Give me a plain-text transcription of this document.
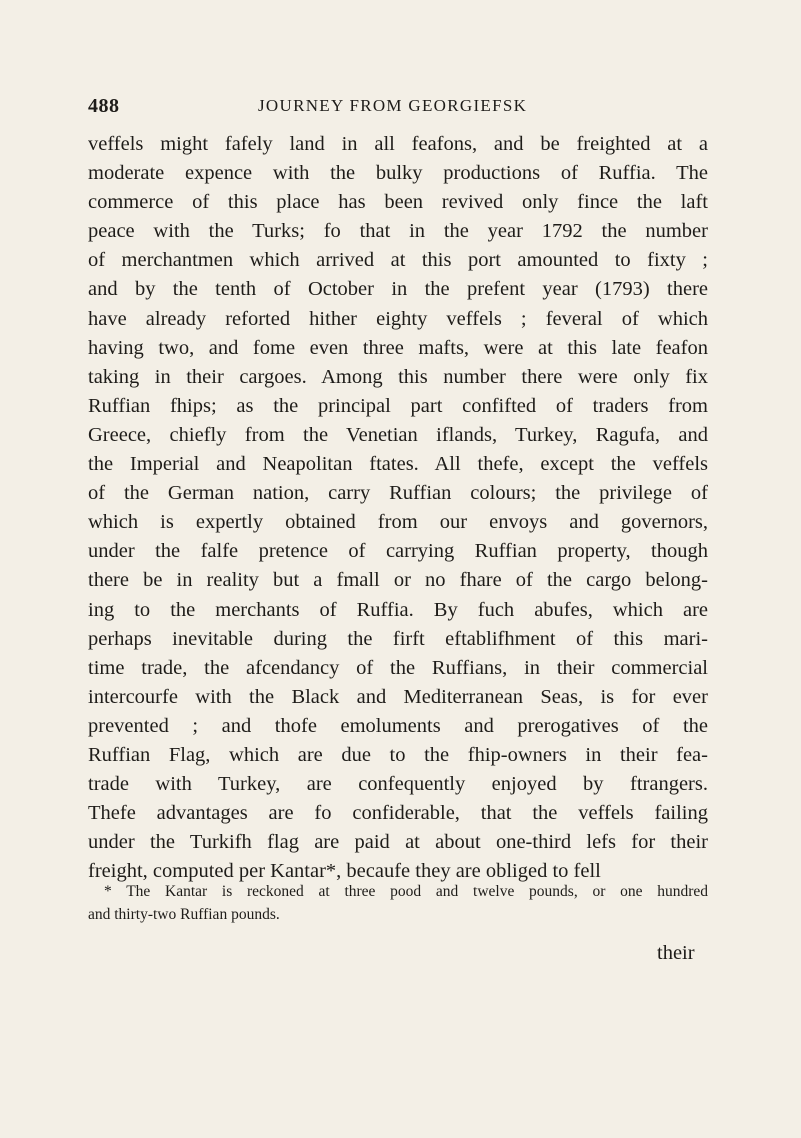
488	JOURNEY FROM GEORGIEFSK
veffels might fafely land in all feafons, and be freighted at a
moderate expence with the bulky productions of Ruffia. The
commerce of this place has been revived only fince the laft
peace with the Turks; fo that in the year 1792 the number
of merchantmen which arrived at this port amounted to fixty ;
and by the tenth of October in the prefent year (1793) there
have already reforted hither eighty veffels ; feveral of which
having two, and fome even three mafts, were at this late feafon
taking in their cargoes. Among this number there were only fix
Ruffian fhips; as the principal part confifted of traders from
Greece, chiefly from the Venetian iflands, Turkey, Ragufa, and
the Imperial and Neapolitan ftates. All thefe, except the veffels
of the German nation, carry Ruffian colours; the privilege of
which is expertly obtained from our envoys and governors,
under the falfe pretence of carrying Ruffian property, though
there be in reality but a fmall or no fhare of the cargo belong-
ing to the merchants of Ruffia. By fuch abufes, which are
perhaps inevitable during the firft eftablifhment of this mari-
time trade, the afcendancy of the Ruffians, in their commercial
intercourfe with the Black and Mediterranean Seas, is for ever
prevented ; and thofe emoluments and prerogatives of the
Ruffian Flag, which are due to the fhip-owners in their fea-
trade with Turkey, are confequently enjoyed by ftrangers.
Thefe advantages are fo confiderable, that the veffels failing
under the Turkifh flag are paid at about one-third lefs for their
freight, computed per Kantar*, becaufe they are obliged to fell
* The Kantar is reckoned at three pood and twelve pounds, or one hundred
and thirty-two Ruffian pounds.
their
